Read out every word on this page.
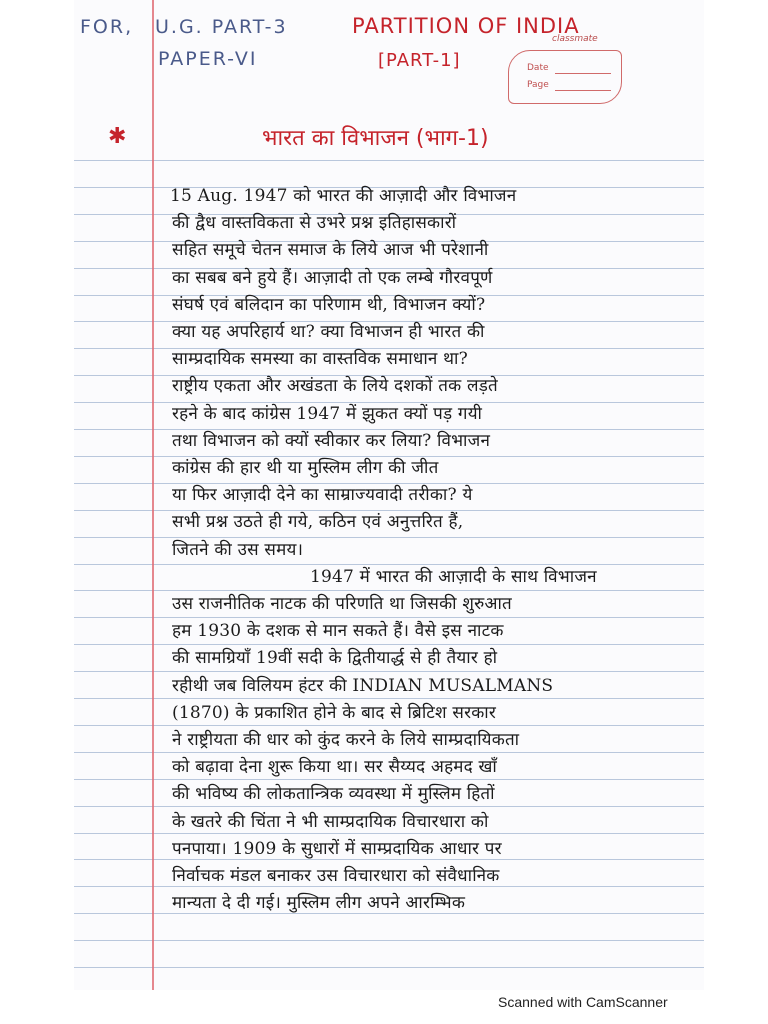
FOR, U.G. PART-3
PAPER-VI
PARTITION OF INDIA
[PART-1]
classmate
Date
Page
✱	भारत का विभाजन (भाग-1)
15 Aug. 1947 को भारत की आज़ादी और विभाजन
की द्वैध वास्तविकता से उभरे प्रश्न इतिहासकारों
सहित समूचे चेतन समाज के लिये आज भी परेशानी
का सबब बने हुये हैं। आज़ादी तो एक लम्बे गौरवपूर्ण
संघर्ष एवं बलिदान का परिणाम थी, विभाजन क्यों?
क्या यह अपरिहार्य था? क्या विभाजन ही भारत की
साम्प्रदायिक समस्या का वास्तविक समाधान था?
राष्ट्रीय एकता और अखंडता के लिये दशकों तक लड़ते
रहने के बाद कांग्रेस 1947 में झुकत क्यों पड़ गयी
तथा विभाजन को क्यों स्वीकार कर लिया? विभाजन
कांग्रेस की हार थी या मुस्लिम लीग की जीत
या फिर आज़ादी देने का साम्राज्यवादी तरीका? ये
सभी प्रश्न उठते ही गये, कठिन एवं अनुत्तरित हैं,
जितने की उस समय।
1947 में भारत की आज़ादी के साथ विभाजन
उस राजनीतिक नाटक की परिणति था जिसकी शुरुआत
हम 1930 के दशक से मान सकते हैं। वैसे इस नाटक
की सामग्रियाँ 19वीं सदी के द्वितीयार्द्ध से ही तैयार हो
रहीथी जब विलियम हंटर की INDIAN MUSALMANS
(1870) के प्रकाशित होने के बाद से ब्रिटिश सरकार
ने राष्ट्रीयता की धार को कुंद करने के लिये साम्प्रदायिकता
को बढ़ावा देना शुरू किया था। सर सैय्यद अहमद खाँ
की भविष्य की लोकतान्त्रिक व्यवस्था में मुस्लिम हितों
के खतरे की चिंता ने भी साम्प्रदायिक विचारधारा को
पनपाया। 1909 के सुधारों में साम्प्रदायिक आधार पर
निर्वाचक मंडल बनाकर उस विचारधारा को संवैधानिक
मान्यता दे दी गई। मुस्लिम लीग अपने आरम्भिक
Scanned with CamScanner
